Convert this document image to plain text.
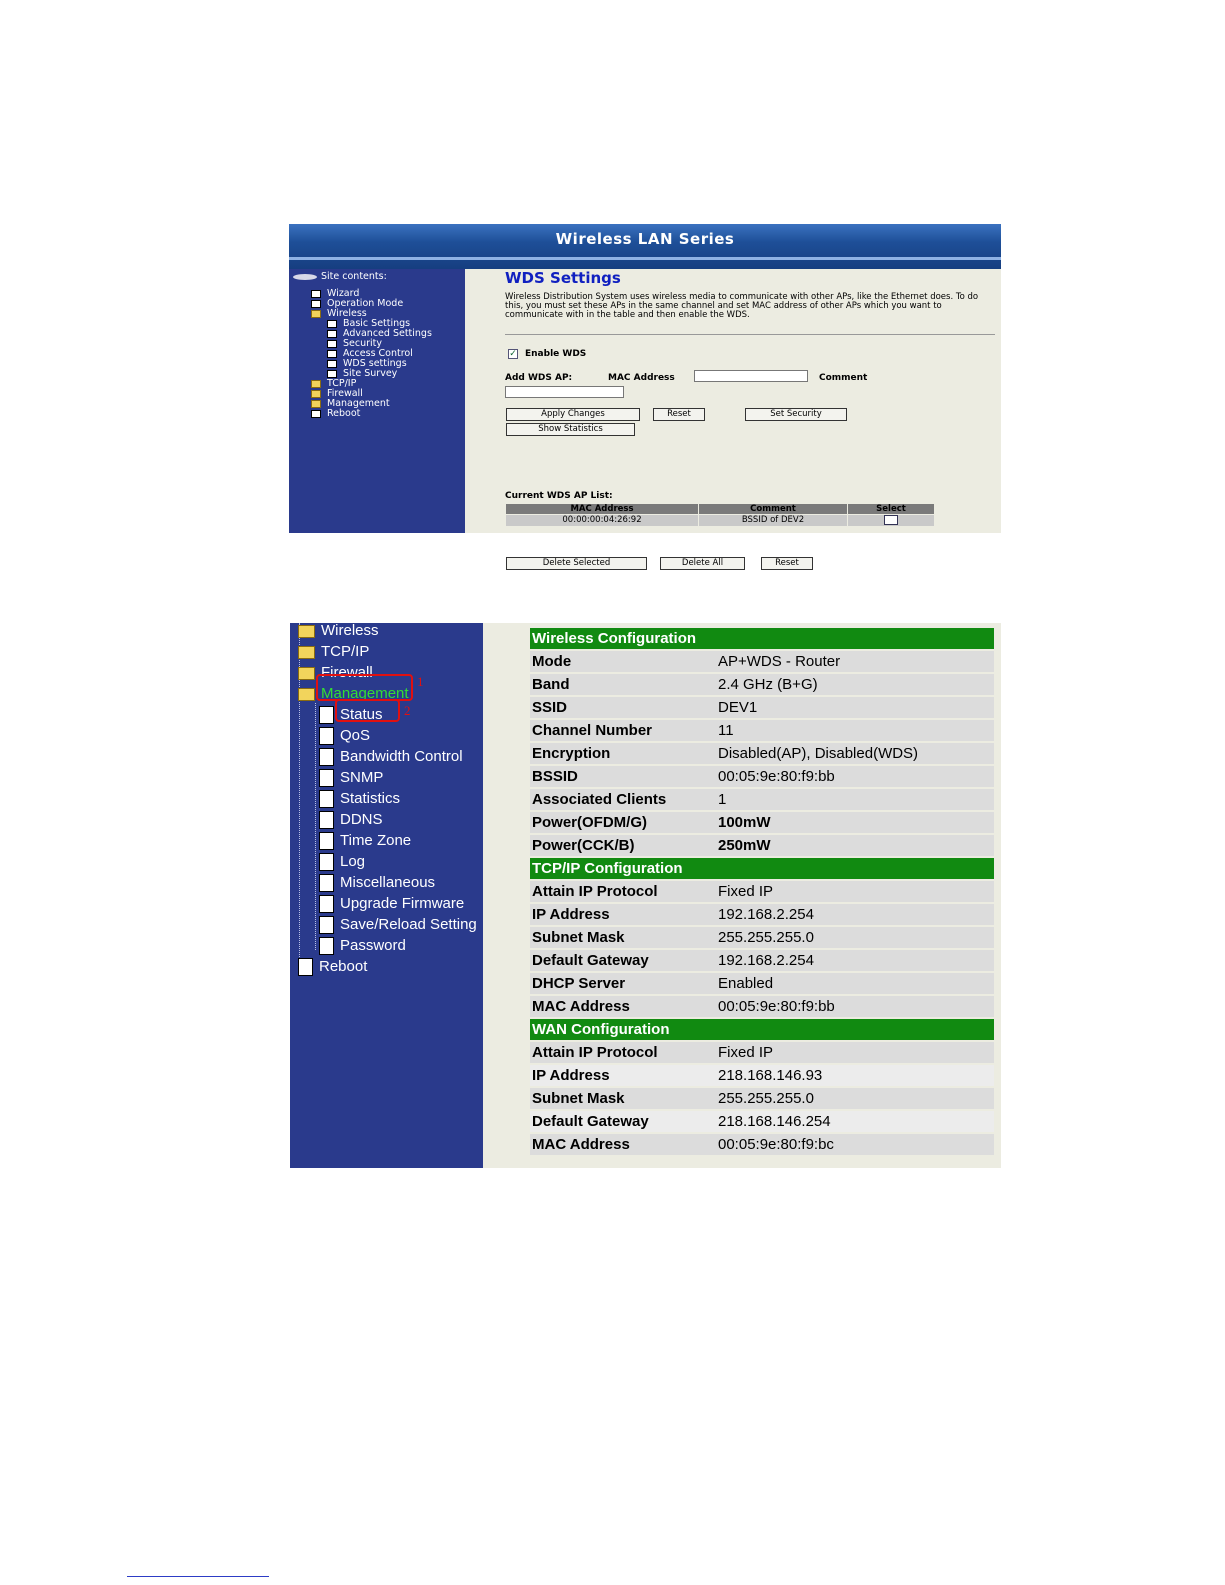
Wireless LAN Series
Site contents:
Wizard
Operation Mode
Wireless
Basic Settings
Advanced Settings
Security
Access Control
WDS settings
Site Survey
TCP/IP
Firewall
Management
Reboot
WDS Settings
Wireless Distribution System uses wireless media to communicate with other APs, like the Ethernet does. To do this, you must set these APs in the same channel and set MAC address of other APs which you want to communicate with in the table and then enable the WDS.
✓ Enable WDS
Add WDS AP:	MAC Address	Comment
Apply Changes	Reset	Set Security
Show Statistics
Current WDS AP List:
MAC Address	Comment	Select
00:00:00:04:26:92	BSSID of DEV2	
Delete Selected	Delete All	Reset
Wireless
TCP/IP
Firewall
Management
Status
QoS
Bandwidth Control
SNMP
Statistics
DDNS
Time Zone
Log
Miscellaneous
Upgrade Firmware
Save/Reload Setting
Password
Reboot
1
2
Wireless Configuration	
Mode	AP+WDS - Router
Band	2.4 GHz (B+G)
SSID	DEV1
Channel Number	11
Encryption	Disabled(AP), Disabled(WDS)
BSSID	00:05:9e:80:f9:bb
Associated Clients	1
Power(OFDM/G)	100mW
Power(CCK/B)	250mW
TCP/IP Configuration	
Attain IP Protocol	Fixed IP
IP Address	192.168.2.254
Subnet Mask	255.255.255.0
Default Gateway	192.168.2.254
DHCP Server	Enabled
MAC Address	00:05:9e:80:f9:bb
WAN Configuration	
Attain IP Protocol	Fixed IP
IP Address	218.168.146.93
Subnet Mask	255.255.255.0
Default Gateway	218.168.146.254
MAC Address	00:05:9e:80:f9:bc
